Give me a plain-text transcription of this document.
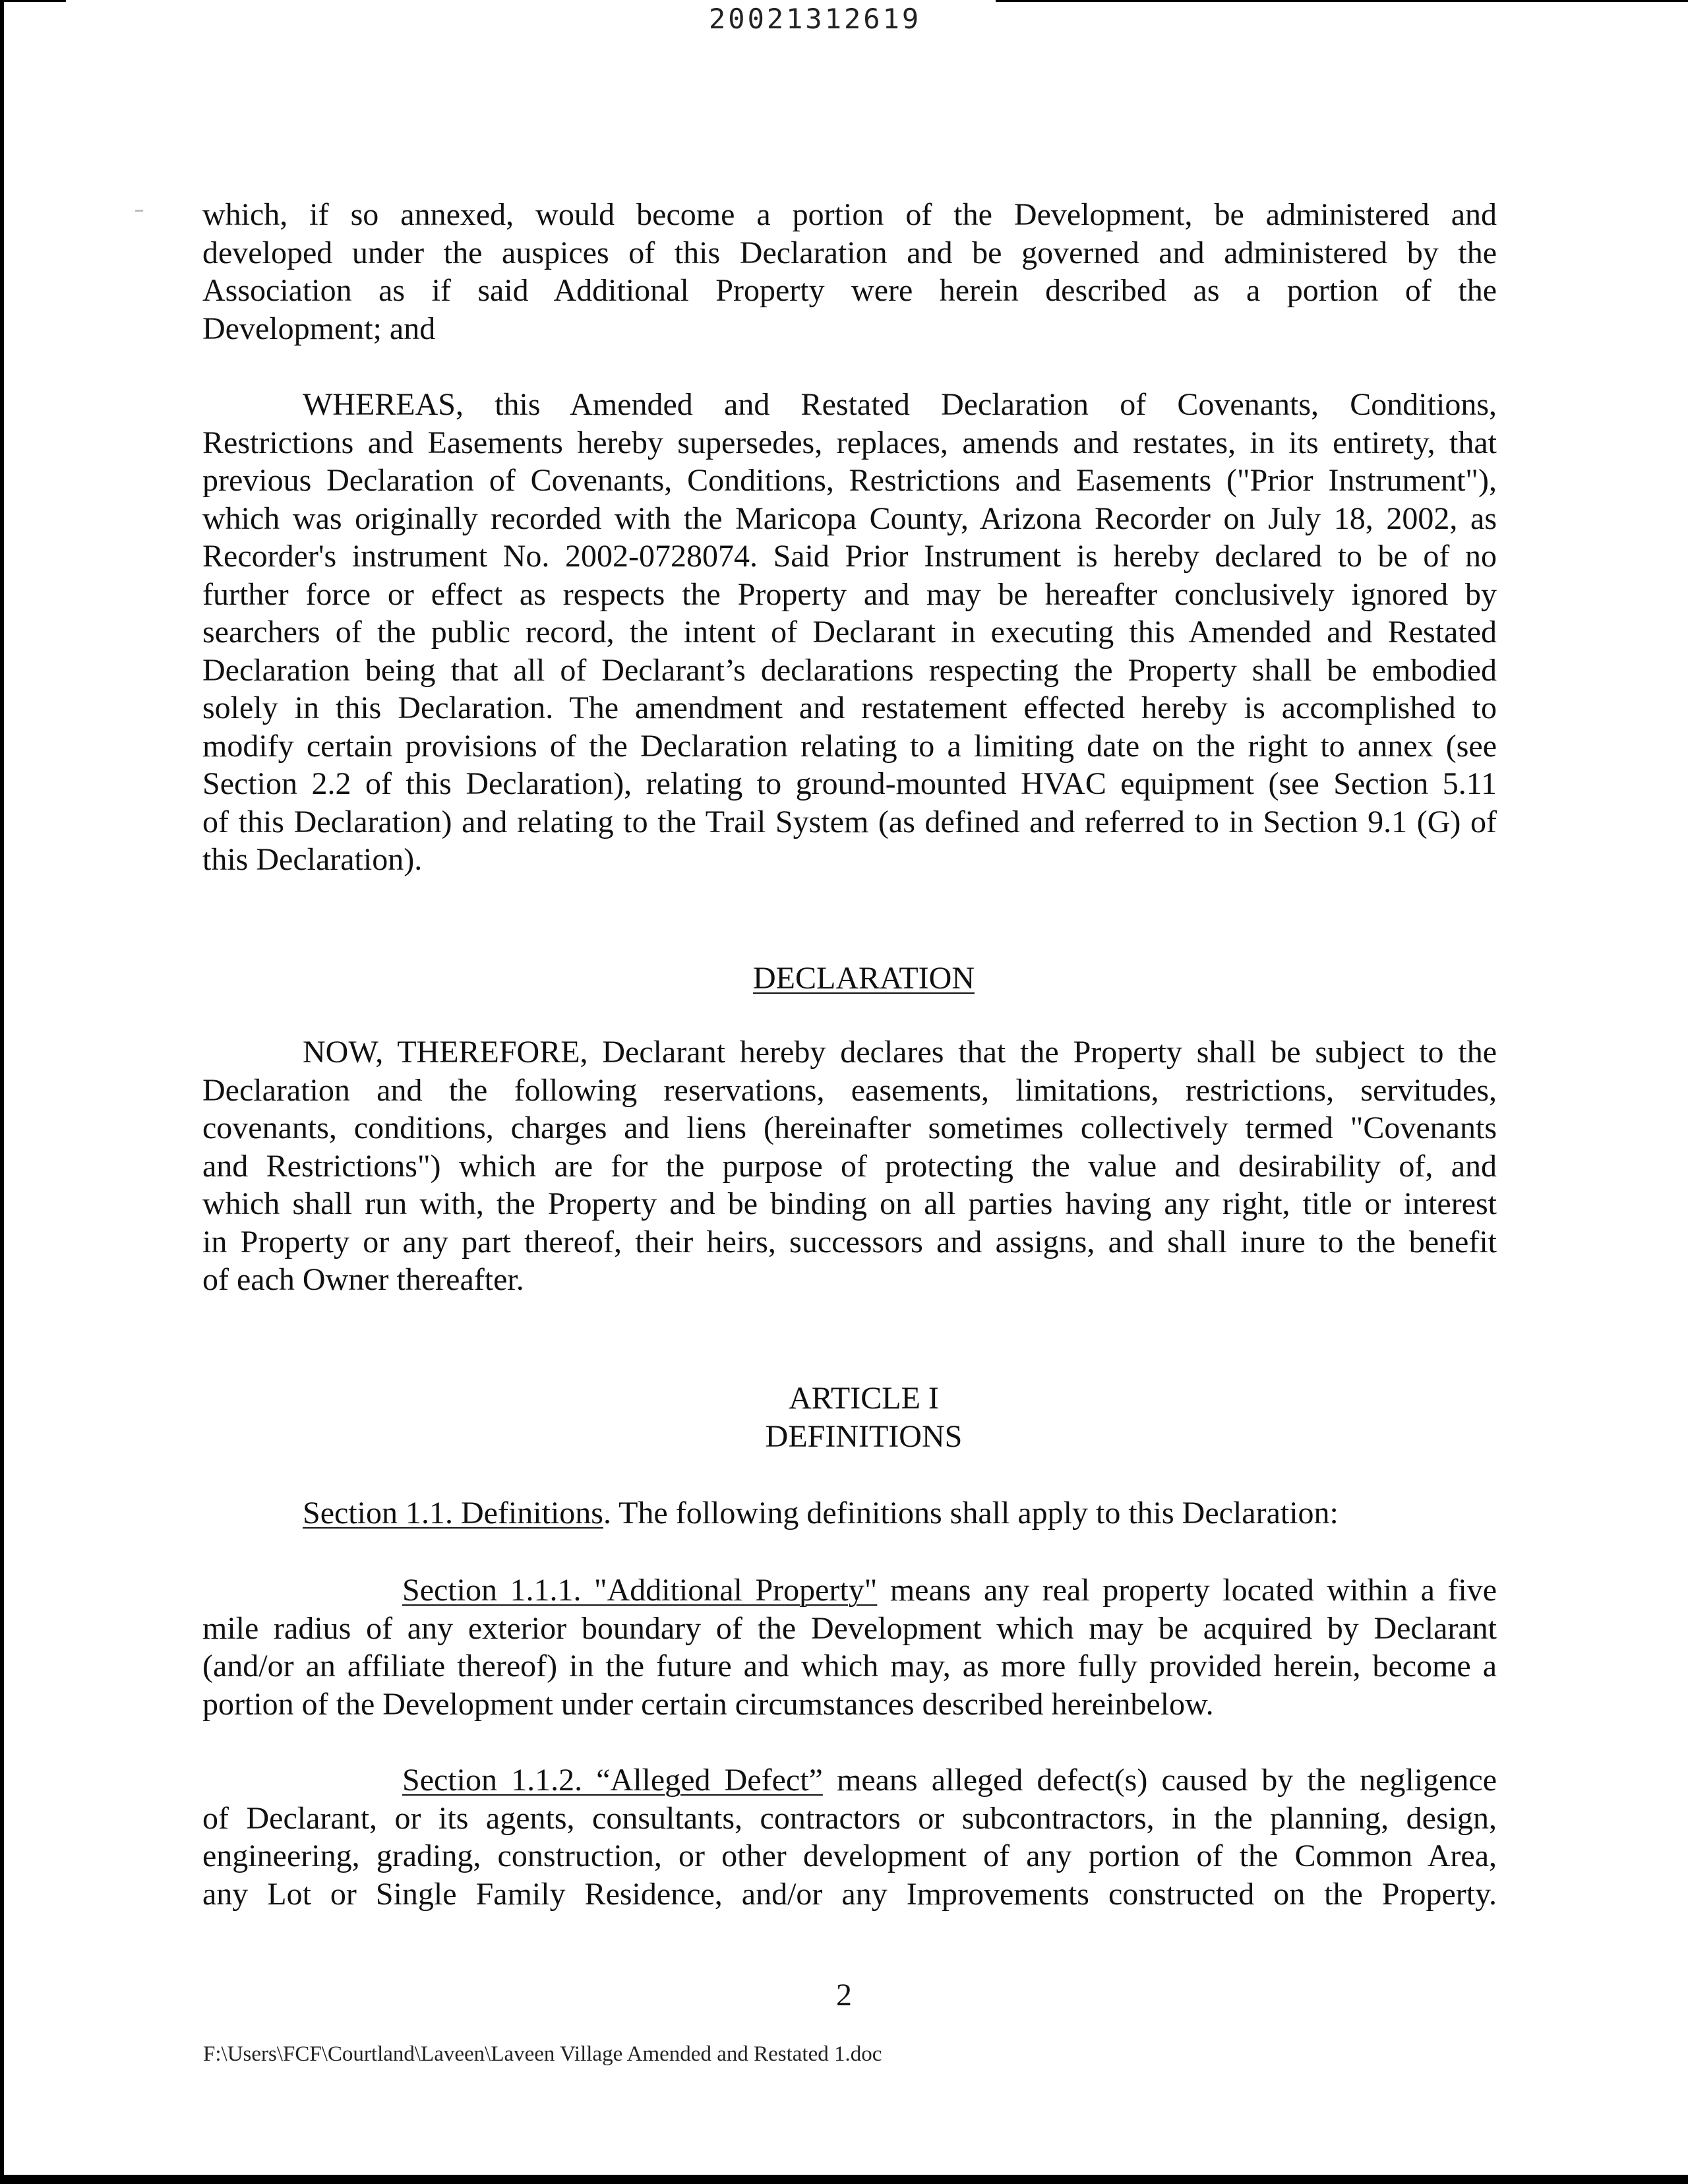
20021312619
which, if so annexed, would become a portion of the Development, be administered and
developed under the auspices of this Declaration and be governed and administered by the
Association as if said Additional Property were herein described as a portion of the
Development; and
WHEREAS, this Amended and Restated Declaration of Covenants, Conditions,
Restrictions and Easements hereby supersedes, replaces, amends and restates, in its entirety, that
previous Declaration of Covenants, Conditions, Restrictions and Easements ("Prior Instrument"),
which was originally recorded with the Maricopa County, Arizona Recorder on July 18, 2002, as
Recorder's instrument No. 2002-0728074. Said Prior Instrument is hereby declared to be of no
further force or effect as respects the Property and may be hereafter conclusively ignored by
searchers of the public record, the intent of Declarant in executing this Amended and Restated
Declaration being that all of Declarant’s declarations respecting the Property shall be embodied
solely in this Declaration. The amendment and restatement effected hereby is accomplished to
modify certain provisions of the Declaration relating to a limiting date on the right to annex (see
Section 2.2 of this Declaration), relating to ground-mounted HVAC equipment (see Section 5.11
of this Declaration) and relating to the Trail System (as defined and referred to in Section 9.1 (G) of
this Declaration).
DECLARATION
NOW, THEREFORE, Declarant hereby declares that the Property shall be subject to the
Declaration and the following reservations, easements, limitations, restrictions, servitudes,
covenants, conditions, charges and liens (hereinafter sometimes collectively termed "Covenants
and Restrictions") which are for the purpose of protecting the value and desirability of, and
which shall run with, the Property and be binding on all parties having any right, title or interest
in Property or any part thereof, their heirs, successors and assigns, and shall inure to the benefit
of each Owner thereafter.
ARTICLE I
DEFINITIONS
Section 1.1. Definitions. The following definitions shall apply to this Declaration:
Section 1.1.1. "Additional Property" means any real property located within a five
mile radius of any exterior boundary of the Development which may be acquired by Declarant
(and/or an affiliate thereof) in the future and which may, as more fully provided herein, become a
portion of the Development under certain circumstances described hereinbelow.
Section 1.1.2. “Alleged Defect” means alleged defect(s) caused by the negligence
of Declarant, or its agents, consultants, contractors or subcontractors, in the planning, design,
engineering, grading, construction, or other development of any portion of the Common Area,
any Lot or Single Family Residence, and/or any Improvements constructed on the Property.
2
F:\Users\FCF\Courtland\Laveen\Laveen Village Amended and Restated 1.doc
